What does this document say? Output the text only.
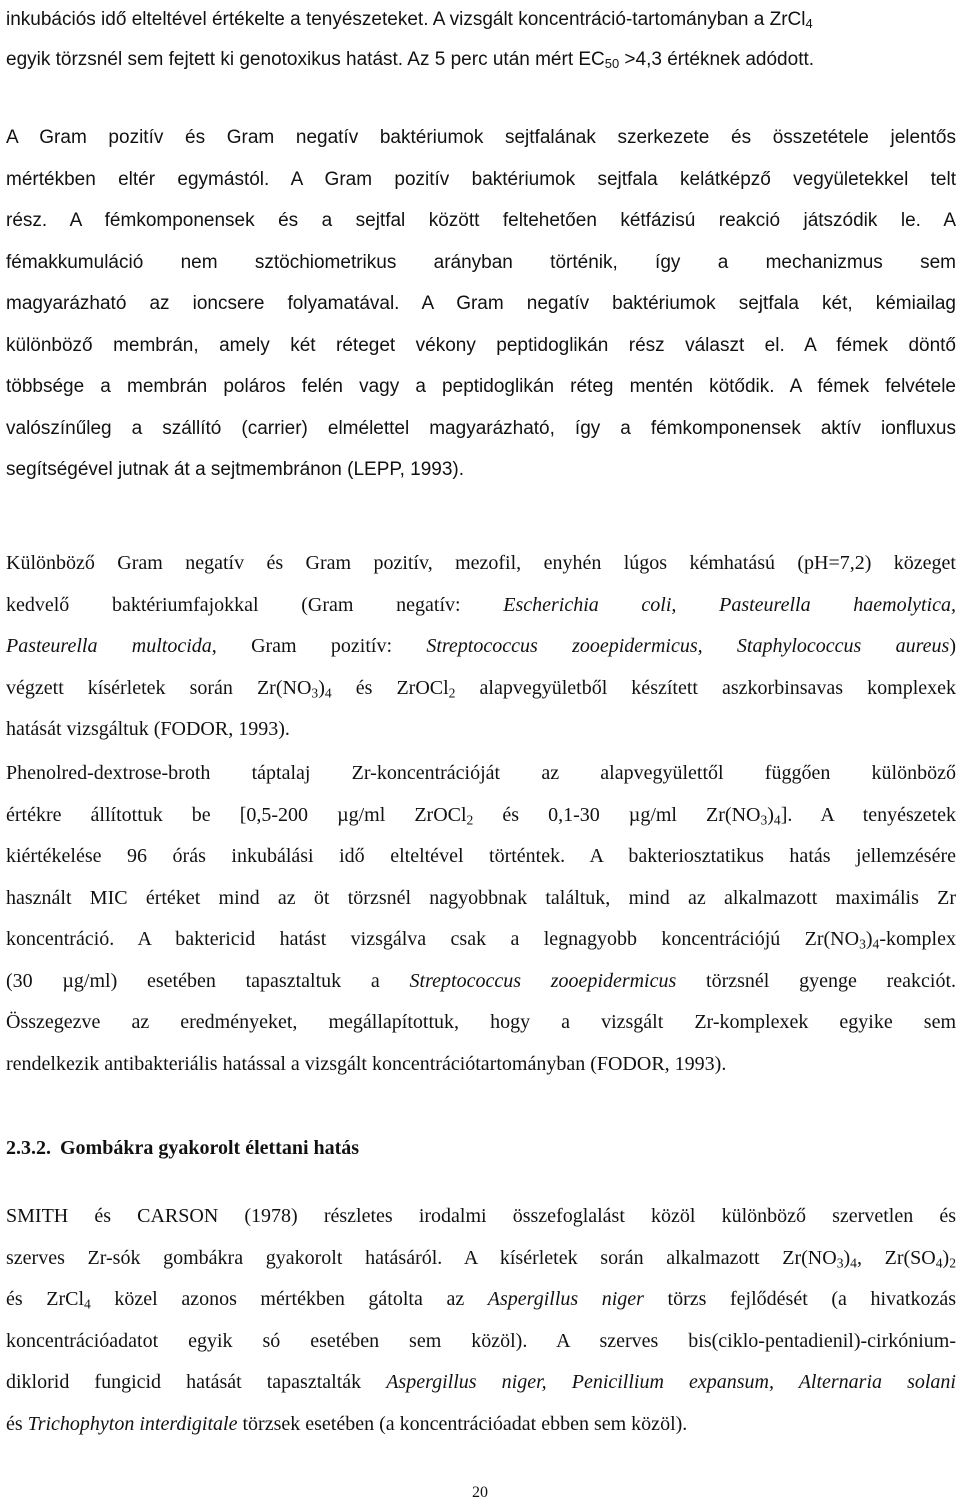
inkubációs idő elteltével értékelte a tenyészeteket. A vizsgált koncentráció-tartományban a ZrCl$_4$
egyik törzsnél sem fejtett ki genotoxikus hatást. Az 5 perc után mért $EC_{50} >4,3$ értéknek adódott.
A Gram pozitív és Gram negatív baktériumok sejtfalának szerkezete és összetétele jelentős
mértékben eltér egymástól. A Gram pozitív baktériumok sejtfala kelátképző vegyületekkel telt
rész. A fémkomponensek és a sejtfal között feltehetően kétfázisú reakció játszódik le. A
fémakkumuláció nem sztöchiometrikus arányban történik, így a mechanizmus sem
magyarázható az ioncsere folyamatával. A Gram negatív baktériumok sejtfala két, kémiailag
különböző membrán, amely két réteget vékony peptidoglikán rész választ el. A fémek döntő
többsége a membrán poláros felén vagy a peptidoglikán réteg mentén kötődik. A fémek felvétele
valószínűleg a szállító (carrier) elmélettel magyarázható, így a fémkomponensek aktív ionfluxus
segítségével jutnak át a sejtmembránon (LEPP, 1993).
Különböző Gram negatív és Gram pozitív, mezofil, enyhén lúgos kémhatású (pH=7,2) közeget
kedvelő baktériumfajokkal (Gram negatív: Escherichia coli, Pasteurella haemolytica,
Pasteurella multocida, Gram pozitív: Streptococcus zooepidermicus, Staphylococcus aureus)
végzett kísérletek során $Zr(NO_3)_4$ és ZrOCl$_2$ alapvegyületből készített aszkorbinsavas komplexek
hatását vizsgáltuk (FODOR, 1993).
Phenolred-dextrose-broth táptalaj Zr-koncentrációját az alapvegyülettől függően különböző
értékre állítottuk be [0,5-200 µg/ml ZrOCl$_2$ és 0,1-30 µg/ml $Zr(NO_3)_4$]. A tenyészetek
kiértékelése 96 órás inkubálási idő elteltével történtek. A bakteriosztatikus hatás jellemzésére
használt MIC értéket mind az öt törzsnél nagyobbnak találtuk, mind az alkalmazott maximális Zr
koncentráció. A baktericid hatást vizsgálva csak a legnagyobb koncentrációjú $Zr(NO_3)_4$-komplex
(30 µg/ml) esetében tapasztaltuk a Streptococcus zooepidermicus törzsnél gyenge reakciót.
Összegezve az eredményeket, megállapítottuk, hogy a vizsgált Zr-komplexek egyike sem
rendelkezik antibakteriális hatással a vizsgált koncentrációtartományban (FODOR, 1993).
2.3.2. Gombákra gyakorolt élettani hatás
SMITH és CARSON (1978) részletes irodalmi összefoglalást közöl különböző szervetlen és
szerves Zr-sók gombákra gyakorolt hatásáról. A kísérletek során alkalmazott $Zr(NO_3)_4$, $Zr(SO_4)_2$
és ZrCl$_4$ közel azonos mértékben gátolta az Aspergillus niger törzs fejlődését (a hivatkozás
koncentrációadatot egyik só esetében sem közöl). A szerves bis(ciklo-pentadienil)-cirkónium-
diklorid fungicid hatását tapasztalták Aspergillus niger, Penicillium expansum, Alternaria solani
és Trichophyton interdigitale törzsek esetében (a koncentrációadat ebben sem közöl).
20
